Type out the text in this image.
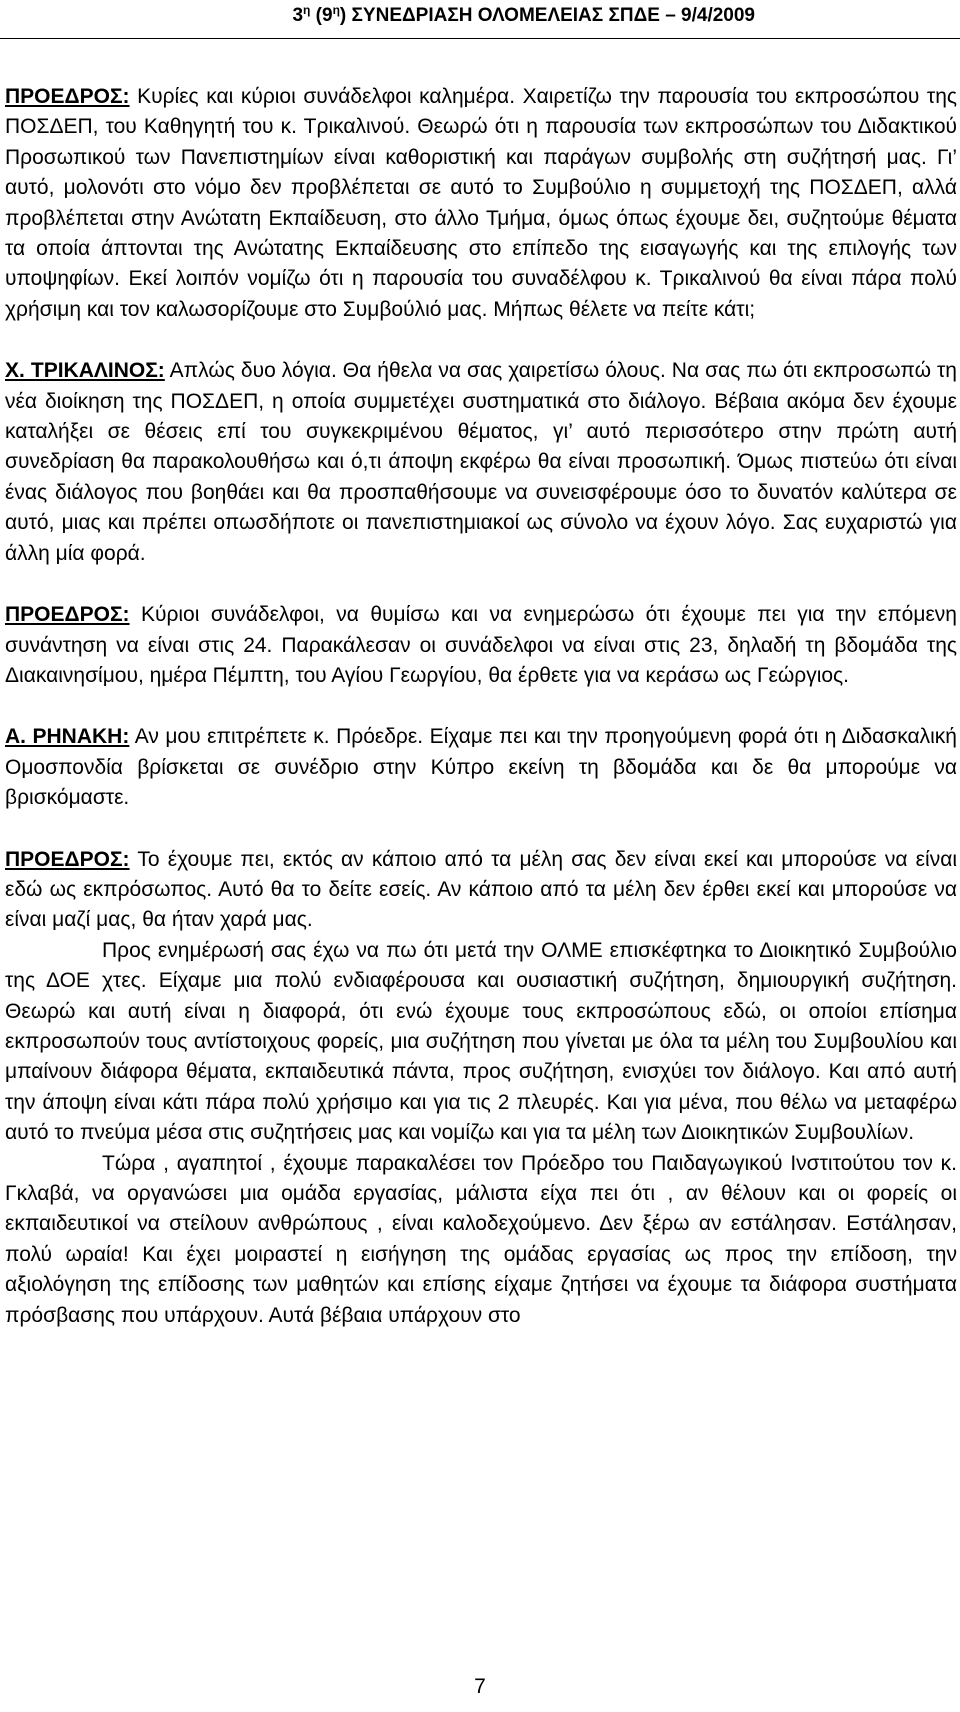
$3^\eta$ $(9^\eta)$ ΣΥΝΕΔΡΙΑΣΗ ΟΛΟΜΕΛΕΙΑΣ ΣΠΔΕ – 9/4/2009

ΠΡΟΕΔΡΟΣ: Κυρίες και κύριοι συνάδελφοι καλημέρα. Χαιρετίζω την παρουσία του εκπροσώπου της ΠΟΣΔΕΠ, του Καθηγητή του κ. Τρικαλινού. Θεωρώ ότι η παρουσία των εκπροσώπων του Διδακτικού Προσωπικού των Πανεπιστημίων είναι καθοριστική και παράγων συμβολής στη συζήτησή μας. Γι’ αυτό, μολονότι στο νόμο δεν προβλέπεται σε αυτό το Συμβούλιο η συμμετοχή της ΠΟΣΔΕΠ, αλλά προβλέπεται στην Ανώτατη Εκπαίδευση, στο άλλο Τμήμα, όμως όπως έχουμε δει, συζητούμε θέματα τα οποία άπτονται της Ανώτατης Εκπαίδευσης στο επίπεδο της εισαγωγής και της επιλογής των υποψηφίων. Εκεί λοιπόν νομίζω ότι η παρουσία του συναδέλφου κ. Τρικαλινού θα είναι πάρα πολύ χρήσιμη και τον καλωσορίζουμε στο Συμβούλιό μας. Μήπως θέλετε να πείτε κάτι;

Χ. ΤΡΙΚΑΛΙΝΟΣ: Απλώς δυο λόγια. Θα ήθελα να σας χαιρετίσω όλους. Να σας πω ότι εκπροσωπώ τη νέα διοίκηση της ΠΟΣΔΕΠ, η οποία συμμετέχει συστηματικά στο διάλογο. Βέβαια ακόμα δεν έχουμε καταλήξει σε θέσεις επί του συγκεκριμένου θέματος, γι’ αυτό περισσότερο στην πρώτη αυτή συνεδρίαση θα παρακολουθήσω και ό,τι άποψη εκφέρω θα είναι προσωπική. Όμως πιστεύω ότι είναι ένας διάλογος που βοηθάει και θα προσπαθήσουμε να συνεισφέρουμε όσο το δυνατόν καλύτερα σε αυτό, μιας και πρέπει οπωσδήποτε οι πανεπιστημιακοί ως σύνολο να έχουν λόγο. Σας ευχαριστώ για άλλη μία φορά.

ΠΡΟΕΔΡΟΣ: Κύριοι συνάδελφοι, να θυμίσω και να ενημερώσω ότι έχουμε πει για την επόμενη συνάντηση να είναι στις 24. Παρακάλεσαν οι συνάδελφοι να είναι στις 23, δηλαδή τη βδομάδα της Διακαινησίμου, ημέρα Πέμπτη, του Αγίου Γεωργίου, θα έρθετε για να κεράσω ως Γεώργιος.

Α. ΡΗΝΑΚΗ: Αν μου επιτρέπετε κ. Πρόεδρε. Είχαμε πει και την προηγούμενη φορά ότι η Διδασκαλική Ομοσπονδία βρίσκεται σε συνέδριο στην Κύπρο εκείνη τη βδομάδα και δε θα μπορούμε να βρισκόμαστε.

ΠΡΟΕΔΡΟΣ: Το έχουμε πει, εκτός αν κάποιο από τα μέλη σας δεν είναι εκεί και μπορούσε να είναι εδώ ως εκπρόσωπος. Αυτό θα το δείτε εσείς. Αν κάποιο από τα μέλη δεν έρθει εκεί και μπορούσε να είναι μαζί μας, θα ήταν χαρά μας.

Προς ενημέρωσή σας έχω να πω ότι μετά την ΟΛΜΕ επισκέφτηκα το Διοικητικό Συμβούλιο της ΔΟΕ χτες. Είχαμε μια πολύ ενδιαφέρουσα και ουσιαστική συζήτηση, δημιουργική συζήτηση. Θεωρώ και αυτή είναι η διαφορά, ότι ενώ έχουμε τους εκπροσώπους εδώ, οι οποίοι επίσημα εκπροσωπούν τους αντίστοιχους φορείς, μια συζήτηση που γίνεται με όλα τα μέλη του Συμβουλίου και μπαίνουν διάφορα θέματα, εκπαιδευτικά πάντα, προς συζήτηση, ενισχύει τον διάλογο. Και από αυτή την άποψη είναι κάτι πάρα πολύ χρήσιμο και για τις 2 πλευρές. Και για μένα, που θέλω να μεταφέρω αυτό το πνεύμα μέσα στις συζητήσεις μας και νομίζω και για τα μέλη των Διοικητικών Συμβουλίων.

Τώρα , αγαπητοί , έχουμε παρακαλέσει τον Πρόεδρο του Παιδαγωγικού Ινστιτούτου τον κ. Γκλαβά, να οργανώσει μια ομάδα εργασίας, μάλιστα είχα πει ότι , αν θέλουν και οι φορείς οι εκπαιδευτικοί να στείλουν ανθρώπους , είναι καλοδεχούμενο. Δεν ξέρω αν εστάλησαν. Εστάλησαν, πολύ ωραία! Και έχει μοιραστεί η εισήγηση της ομάδας εργασίας ως προς την επίδοση, την αξιολόγηση της επίδοσης των μαθητών και επίσης είχαμε ζητήσει να έχουμε τα διάφορα συστήματα πρόσβασης που υπάρχουν. Αυτά βέβαια υπάρχουν στο

7
